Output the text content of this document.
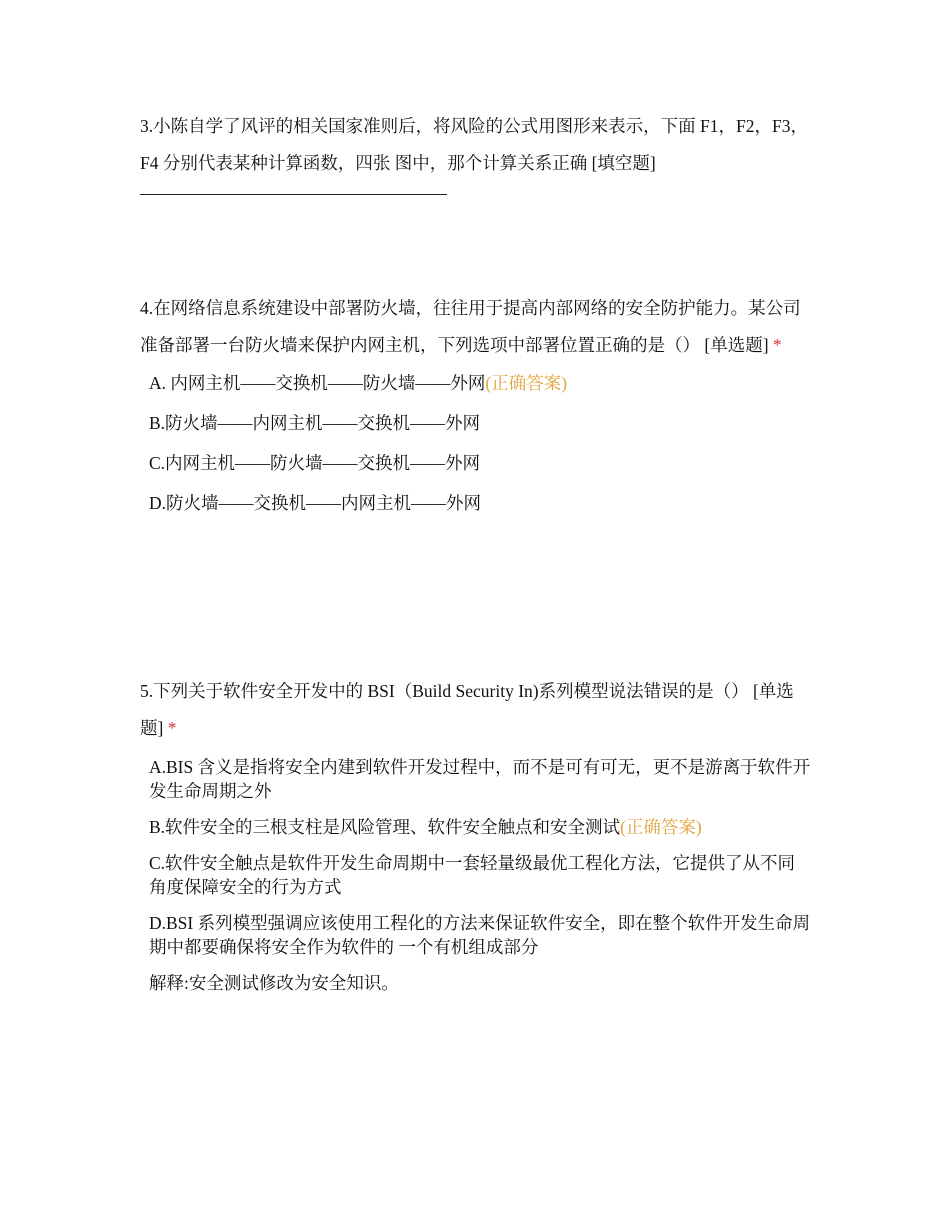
3.小陈自学了风评的相关国家准则后，将风险的公式用图形来表示，下面 F1，F2，F3，F4 分别代表某种计算函数，四张 图中，那个计算关系正确 [填空题]

4.在网络信息系统建设中部署防火墙，往往用于提高内部网络的安全防护能力。某公司准备部署一台防火墙来保护内网主机，下列选项中部署位置正确的是（） [单选题] *

A. 内网主机——交换机——防火墙——外网(正确答案)
B.防火墙——内网主机——交换机——外网
C.内网主机——防火墙——交换机——外网
D.防火墙——交换机——内网主机——外网

5.下列关于软件安全开发中的 BSI（Build Security In)系列模型说法错误的是（） [单选题] *

A.BIS 含义是指将安全内建到软件开发过程中，而不是可有可无，更不是游离于软件开发生命周期之外
B.软件安全的三根支柱是风险管理、软件安全触点和安全测试(正确答案)
C.软件安全触点是软件开发生命周期中一套轻量级最优工程化方法，它提供了从不同角度保障安全的行为方式
D.BSI 系列模型强调应该使用工程化的方法来保证软件安全，即在整个软件开发生命周期中都要确保将安全作为软件的 一个有机组成部分
解释:安全测试修改为安全知识。
